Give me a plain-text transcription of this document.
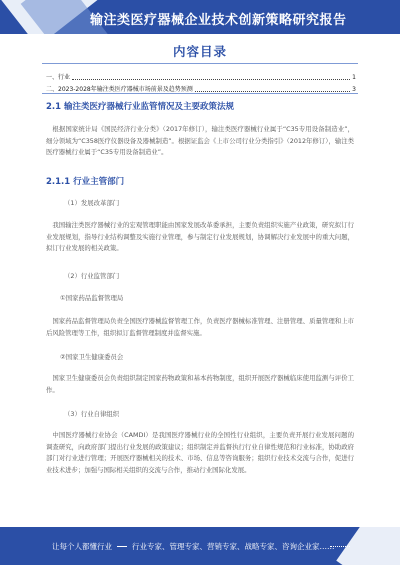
输注类医疗器械企业技术创新策略研究报告
内容目录
一、行业	1
二、2023-2028年输注类医疗器械市场前景及趋势预测	3
2.1 输注类医疗器械行业监管情况及主要政策法规
根据国家统计局《国民经济行业分类》（2017年修订），输注类医疗器械行业属于“C35专用设备制造业”，细分领域为“C358医疗仪器设备及器械制造”。根据证监会《上市公司行业分类指引》（2012年修订），输注类医疗器械行业属于“C35专用设备制造业”。
2.1.1 行业主管部门
（1）发展改革部门
我国输注类医疗器械行业的宏观管理职能由国家发展改革委承担，主要负责组织实施产业政策，研究拟订行业发展规划，指导行业结构调整及实施行业管理，参与制定行业发展规划，协调解决行业发展中的重大问题，拟订行业发展的相关政策。
（2）行业监管部门
①国家药品监督管理局
国家药品监督管理局负责全国医疗器械监督管理工作，负责医疗器械标准管理、注册管理、质量管理和上市后风险管理等工作，组织拟订监督管理制度并监督实施。
②国家卫生健康委员会
国家卫生健康委员会负责组织制定国家药物政策和基本药物制度，组织开展医疗器械临床使用监测与评价工作。
（3）行业自律组织
中国医疗器械行业协会（CAMDI）是我国医疗器械行业的全国性行业组织，主要负责开展行业发展问题的调查研究，向政府部门提出行业发展的政策建议；组织制定并监督执行行业自律性规范和行业标准，协助政府部门对行业进行管理；开展医疗器械相关的技术、市场、信息等咨询服务；组织行业技术交流与合作，促进行业技术进步；加强与国际相关组织的交流与合作，推动行业国际化发展。
让每个人都懂行业	行业专家、管理专家、营销专家、战略专家、咨询企业家……
